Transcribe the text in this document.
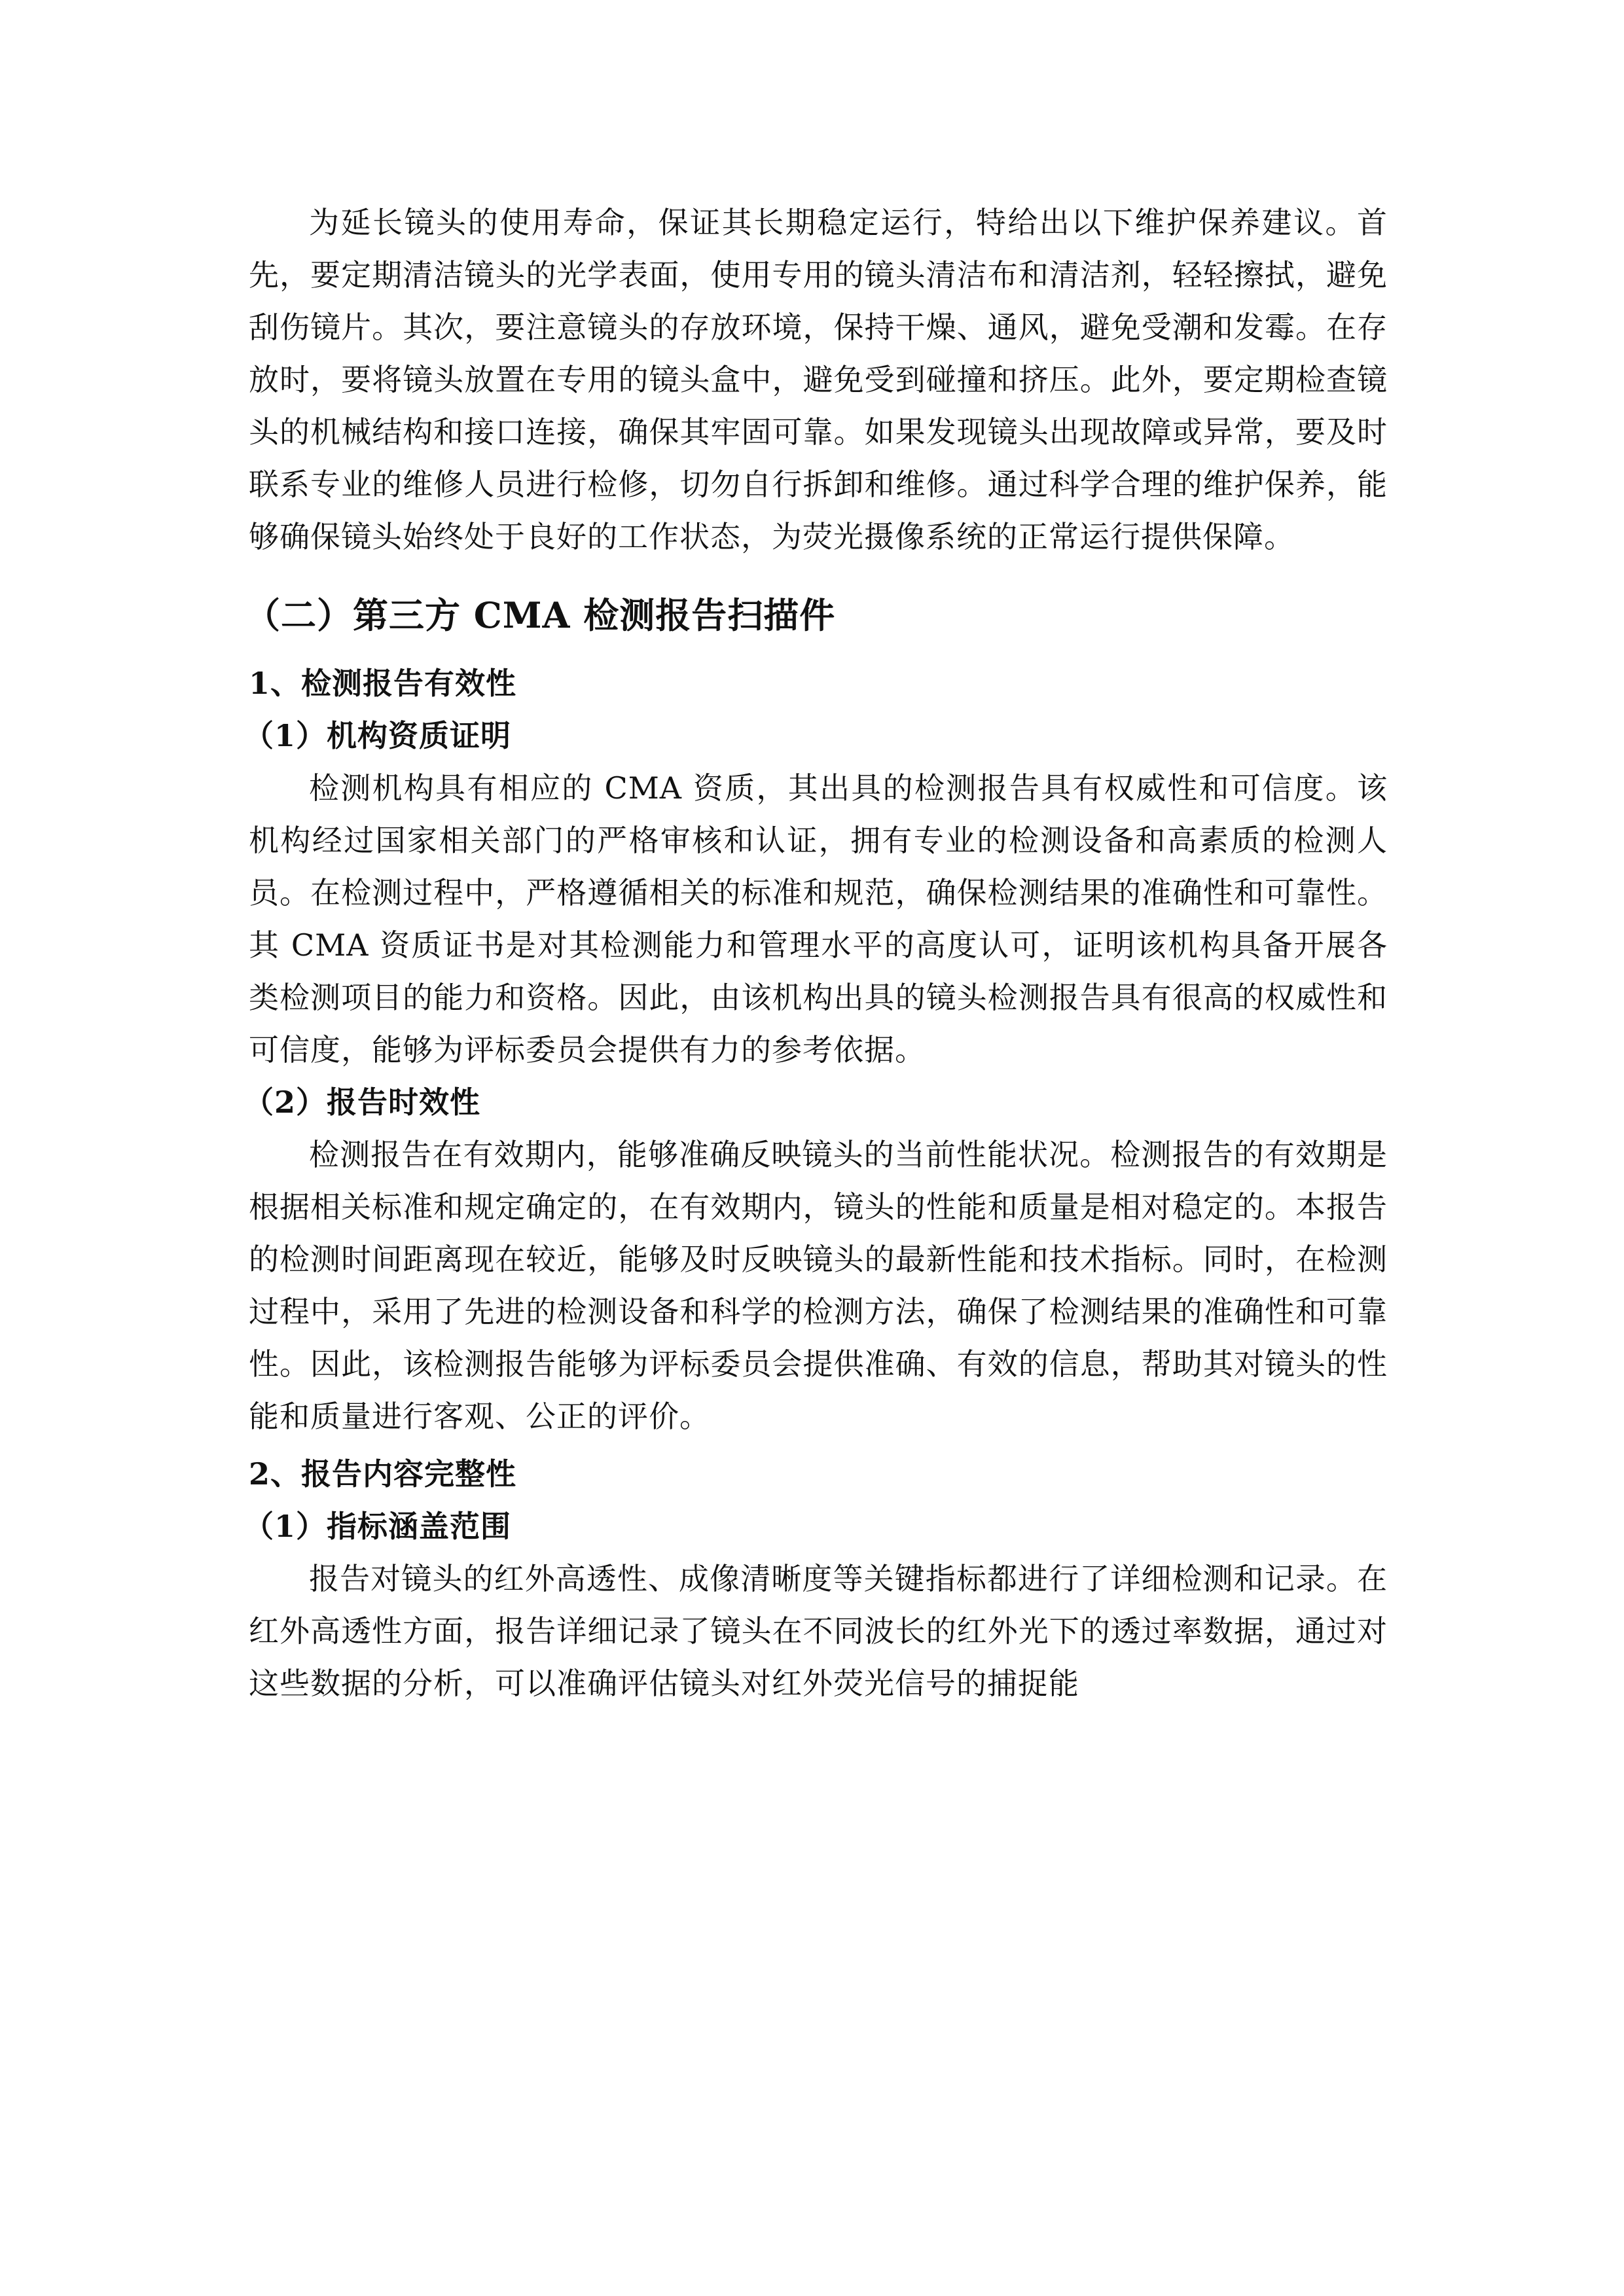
为延长镜头的使用寿命，保证其长期稳定运行，特给出以下维护保养建议。首先，要定期清洁镜头的光学表面，使用专用的镜头清洁布和清洁剂，轻轻擦拭，避免刮伤镜片。其次，要注意镜头的存放环境，保持干燥、通风，避免受潮和发霉。在存放时，要将镜头放置在专用的镜头盒中，避免受到碰撞和挤压。此外，要定期检查镜头的机械结构和接口连接，确保其牢固可靠。如果发现镜头出现故障或异常，要及时联系专业的维修人员进行检修，切勿自行拆卸和维修。通过科学合理的维护保养，能够确保镜头始终处于良好的工作状态，为荧光摄像系统的正常运行提供保障。

（二）第三方 CMA 检测报告扫描件
1、检测报告有效性
（1）机构资质证明

检测机构具有相应的 CMA 资质，其出具的检测报告具有权威性和可信度。该机构经过国家相关部门的严格审核和认证，拥有专业的检测设备和高素质的检测人员。在检测过程中，严格遵循相关的标准和规范，确保检测结果的准确性和可靠性。其 CMA 资质证书是对其检测能力和管理水平的高度认可，证明该机构具备开展各类检测项目的能力和资格。因此，由该机构出具的镜头检测报告具有很高的权威性和可信度，能够为评标委员会提供有力的参考依据。

（2）报告时效性

检测报告在有效期内，能够准确反映镜头的当前性能状况。检测报告的有效期是根据相关标准和规定确定的，在有效期内，镜头的性能和质量是相对稳定的。本报告的检测时间距离现在较近，能够及时反映镜头的最新性能和技术指标。同时，在检测过程中，采用了先进的检测设备和科学的检测方法，确保了检测结果的准确性和可靠性。因此，该检测报告能够为评标委员会提供准确、有效的信息，帮助其对镜头的性能和质量进行客观、公正的评价。

2、报告内容完整性
（1）指标涵盖范围

报告对镜头的红外高透性、成像清晰度等关键指标都进行了详细检测和记录。在红外高透性方面，报告详细记录了镜头在不同波长的红外光下的透过率数据，通过对这些数据的分析，可以准确评估镜头对红外荧光信号的捕捉能
